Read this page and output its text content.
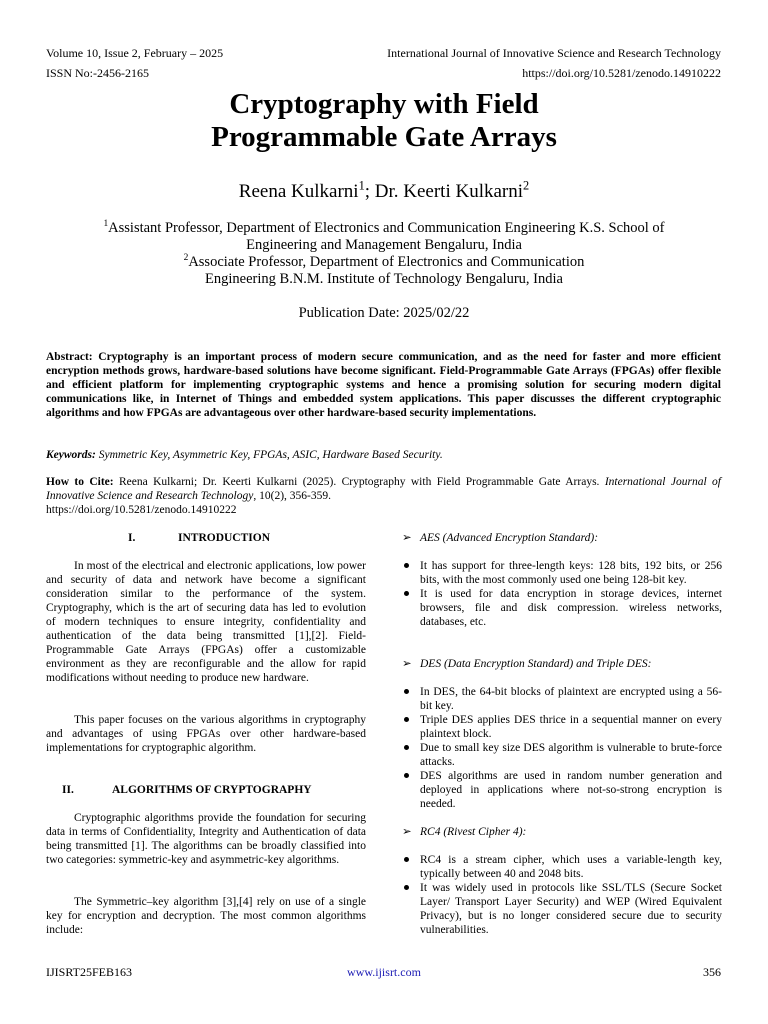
Volume 10, Issue 2, February – 2025	International Journal of Innovative Science and Research Technology
ISSN No:-2456-2165	https://doi.org/10.5281/zenodo.14910222
Cryptography with Field
Programmable Gate Arrays
Reena Kulkarni$^1$; Dr. Keerti Kulkarni$^2$
$^1$Assistant Professor, Department of Electronics and Communication Engineering K.S. School of
Engineering and Management Bengaluru, India
$^2$Associate Professor, Department of Electronics and Communication
Engineering B.N.M. Institute of Technology Bengaluru, India
Publication Date: 2025/02/22
Abstract: Cryptography is an important process of modern secure communication, and as the need for faster and more efficient encryption methods grows, hardware-based solutions have become significant. Field-Programmable Gate Arrays (FPGAs) offer flexible and efficient platform for implementing cryptographic systems and hence a promising solution for securing modern digital communications like, in Internet of Things and embedded system applications. This paper discusses the different cryptographic algorithms and how FPGAs are advantageous over other hardware-based security implementations.
Keywords: Symmetric Key, Asymmetric Key, FPGAs, ASIC, Hardware Based Security.
How to Cite: Reena Kulkarni; Dr. Keerti Kulkarni (2025). Cryptography with Field Programmable Gate Arrays. International Journal of Innovative Science and Research Technology, 10(2), 356-359.
https://doi.org/10.5281/zenodo.14910222
I.	INTRODUCTION

In most of the electrical and electronic applications, low power and security of data and network have become a significant consideration similar to the performance of the system. Cryptography, which is the art of securing data has led to evolution of modern techniques to ensure integrity, confidentiality and authentication of the data being transmitted [1],[2]. Field-Programmable Gate Arrays (FPGAs) offer a customizable environment as they are reconfigurable and the allow for rapid modifications without needing to produce new hardware.

This paper focuses on the various algorithms in cryptography and advantages of using FPGAs over other hardware-based implementations for cryptographic algorithm.

II.	ALGORITHMS OF CRYPTOGRAPHY

Cryptographic algorithms provide the foundation for securing data in terms of Confidentiality, Integrity and Authentication of data being transmitted [1]. The algorithms can be broadly classified into two categories: symmetric-key and asymmetric-key algorithms.

The Symmetric–key algorithm [3],[4] rely on use of a single key for encryption and decryption. The most common algorithms include:

➢ AES (Advanced Encryption Standard):
It has support for three-length keys: 128 bits, 192 bits, or 256 bits, with the most commonly used one being 128-bit key.
It is used for data encryption in storage devices, internet browsers, file and disk compression. wireless networks, databases, etc.
➢ DES (Data Encryption Standard) and Triple DES:
In DES, the 64-bit blocks of plaintext are encrypted using a 56-bit key.
Triple DES applies DES thrice in a sequential manner on every plaintext block.
Due to small key size DES algorithm is vulnerable to brute-force attacks.
DES algorithms are used in random number generation and deployed in applications where not-so-strong encryption is needed.
➢ RC4 (Rivest Cipher 4):
RC4 is a stream cipher, which uses a variable-length key, typically between 40 and 2048 bits.
It was widely used in protocols like SSL/TLS (Secure Socket Layer/ Transport Layer Security) and WEP (Wired Equivalent Privacy), but is no longer considered secure due to security vulnerabilities.
IJISRT25FEB163	www.ijisrt.com	356
